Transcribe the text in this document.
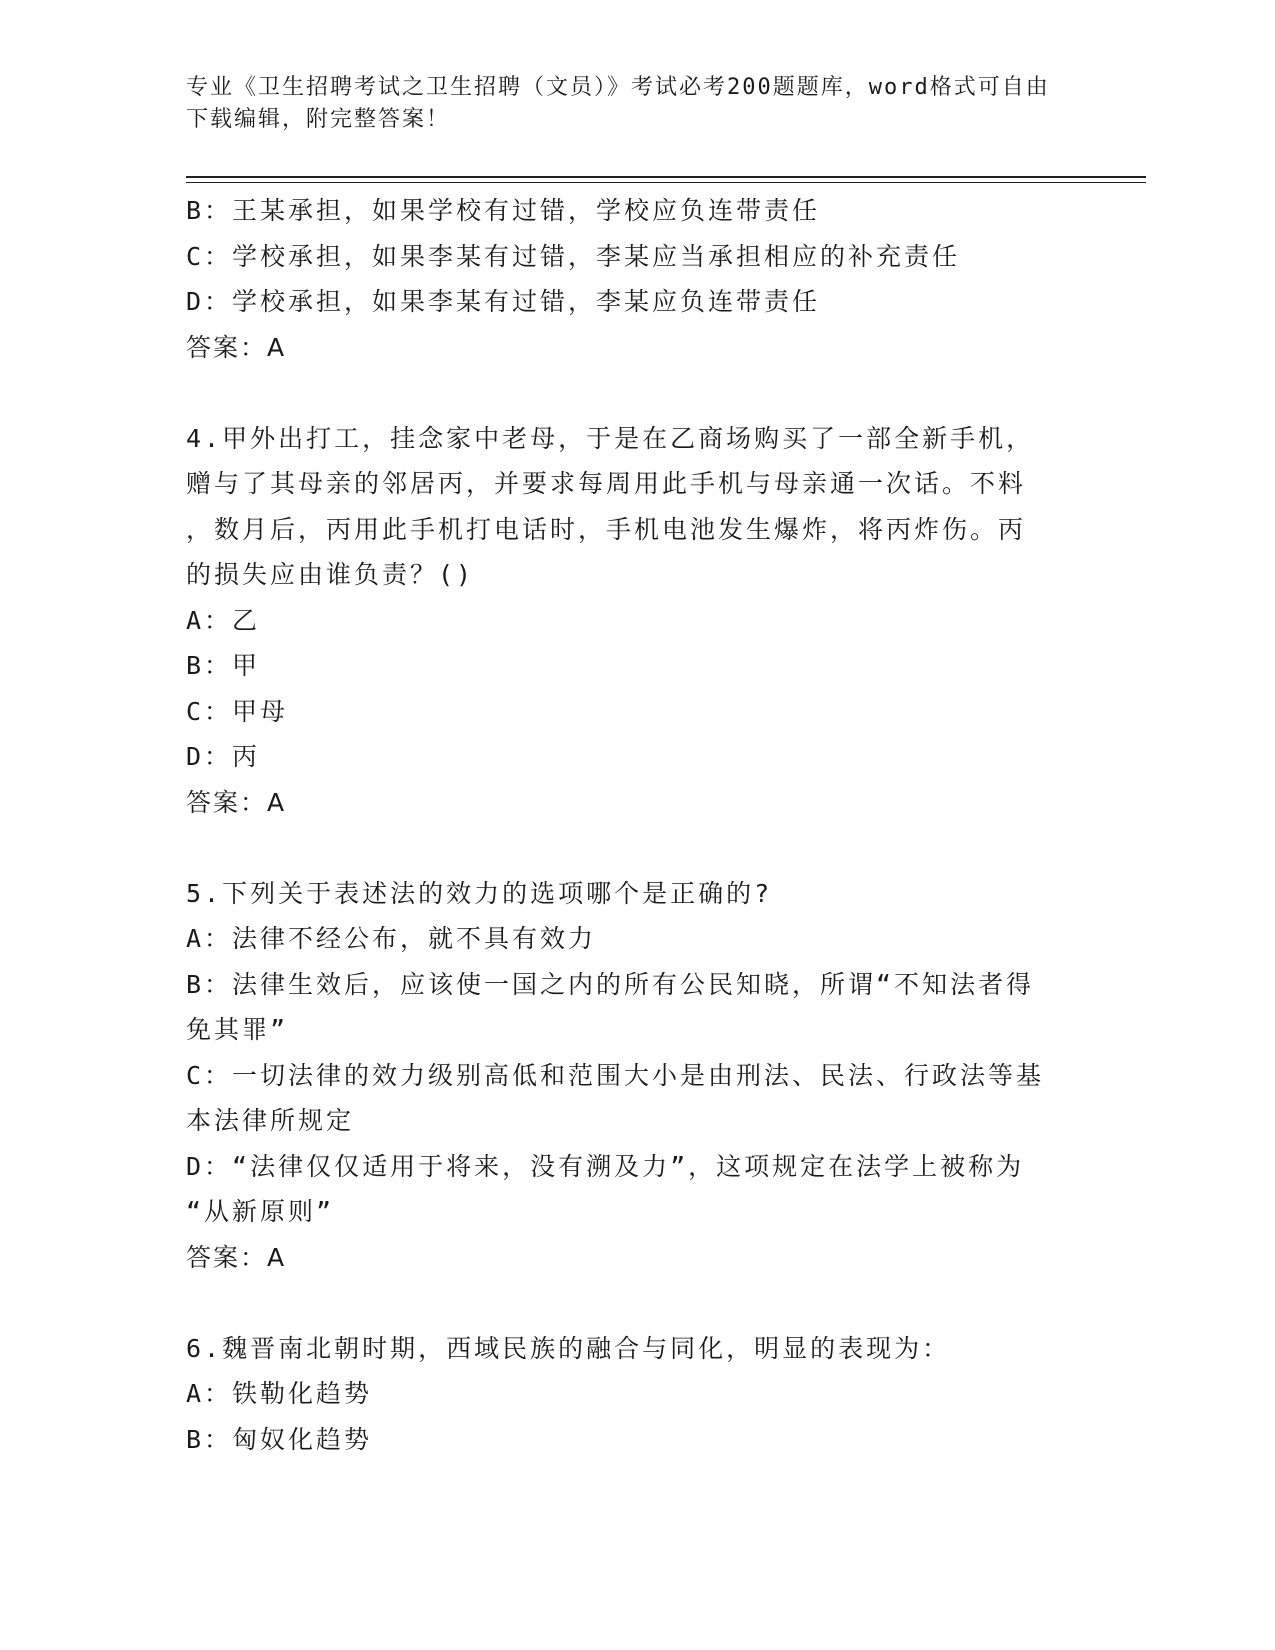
专业《卫生招聘考试之卫生招聘（文员）》考试必考200题题库，word格式可自由下载编辑，附完整答案！
B：王某承担，如果学校有过错，学校应负连带责任
C：学校承担，如果李某有过错，李某应当承担相应的补充责任
D：学校承担，如果李某有过错，李某应负连带责任
答案：A
4.甲外出打工，挂念家中老母，于是在乙商场购买了一部全新手机，
赠与了其母亲的邻居丙，并要求每周用此手机与母亲通一次话。不料
，数月后，丙用此手机打电话时，手机电池发生爆炸，将丙炸伤。丙
的损失应由谁负责？()
A：乙
B：甲
C：甲母
D：丙
答案：A
5.下列关于表述法的效力的选项哪个是正确的?
A：法律不经公布，就不具有效力
B：法律生效后，应该使一国之内的所有公民知晓，所谓“不知法者得
免其罪”
C：一切法律的效力级别高低和范围大小是由刑法、民法、行政法等基
本法律所规定
D：“法律仅仅适用于将来，没有溯及力”，这项规定在法学上被称为
“从新原则”
答案：A
6.魏晋南北朝时期，西域民族的融合与同化，明显的表现为：
A：铁勒化趋势
B：匈奴化趋势
